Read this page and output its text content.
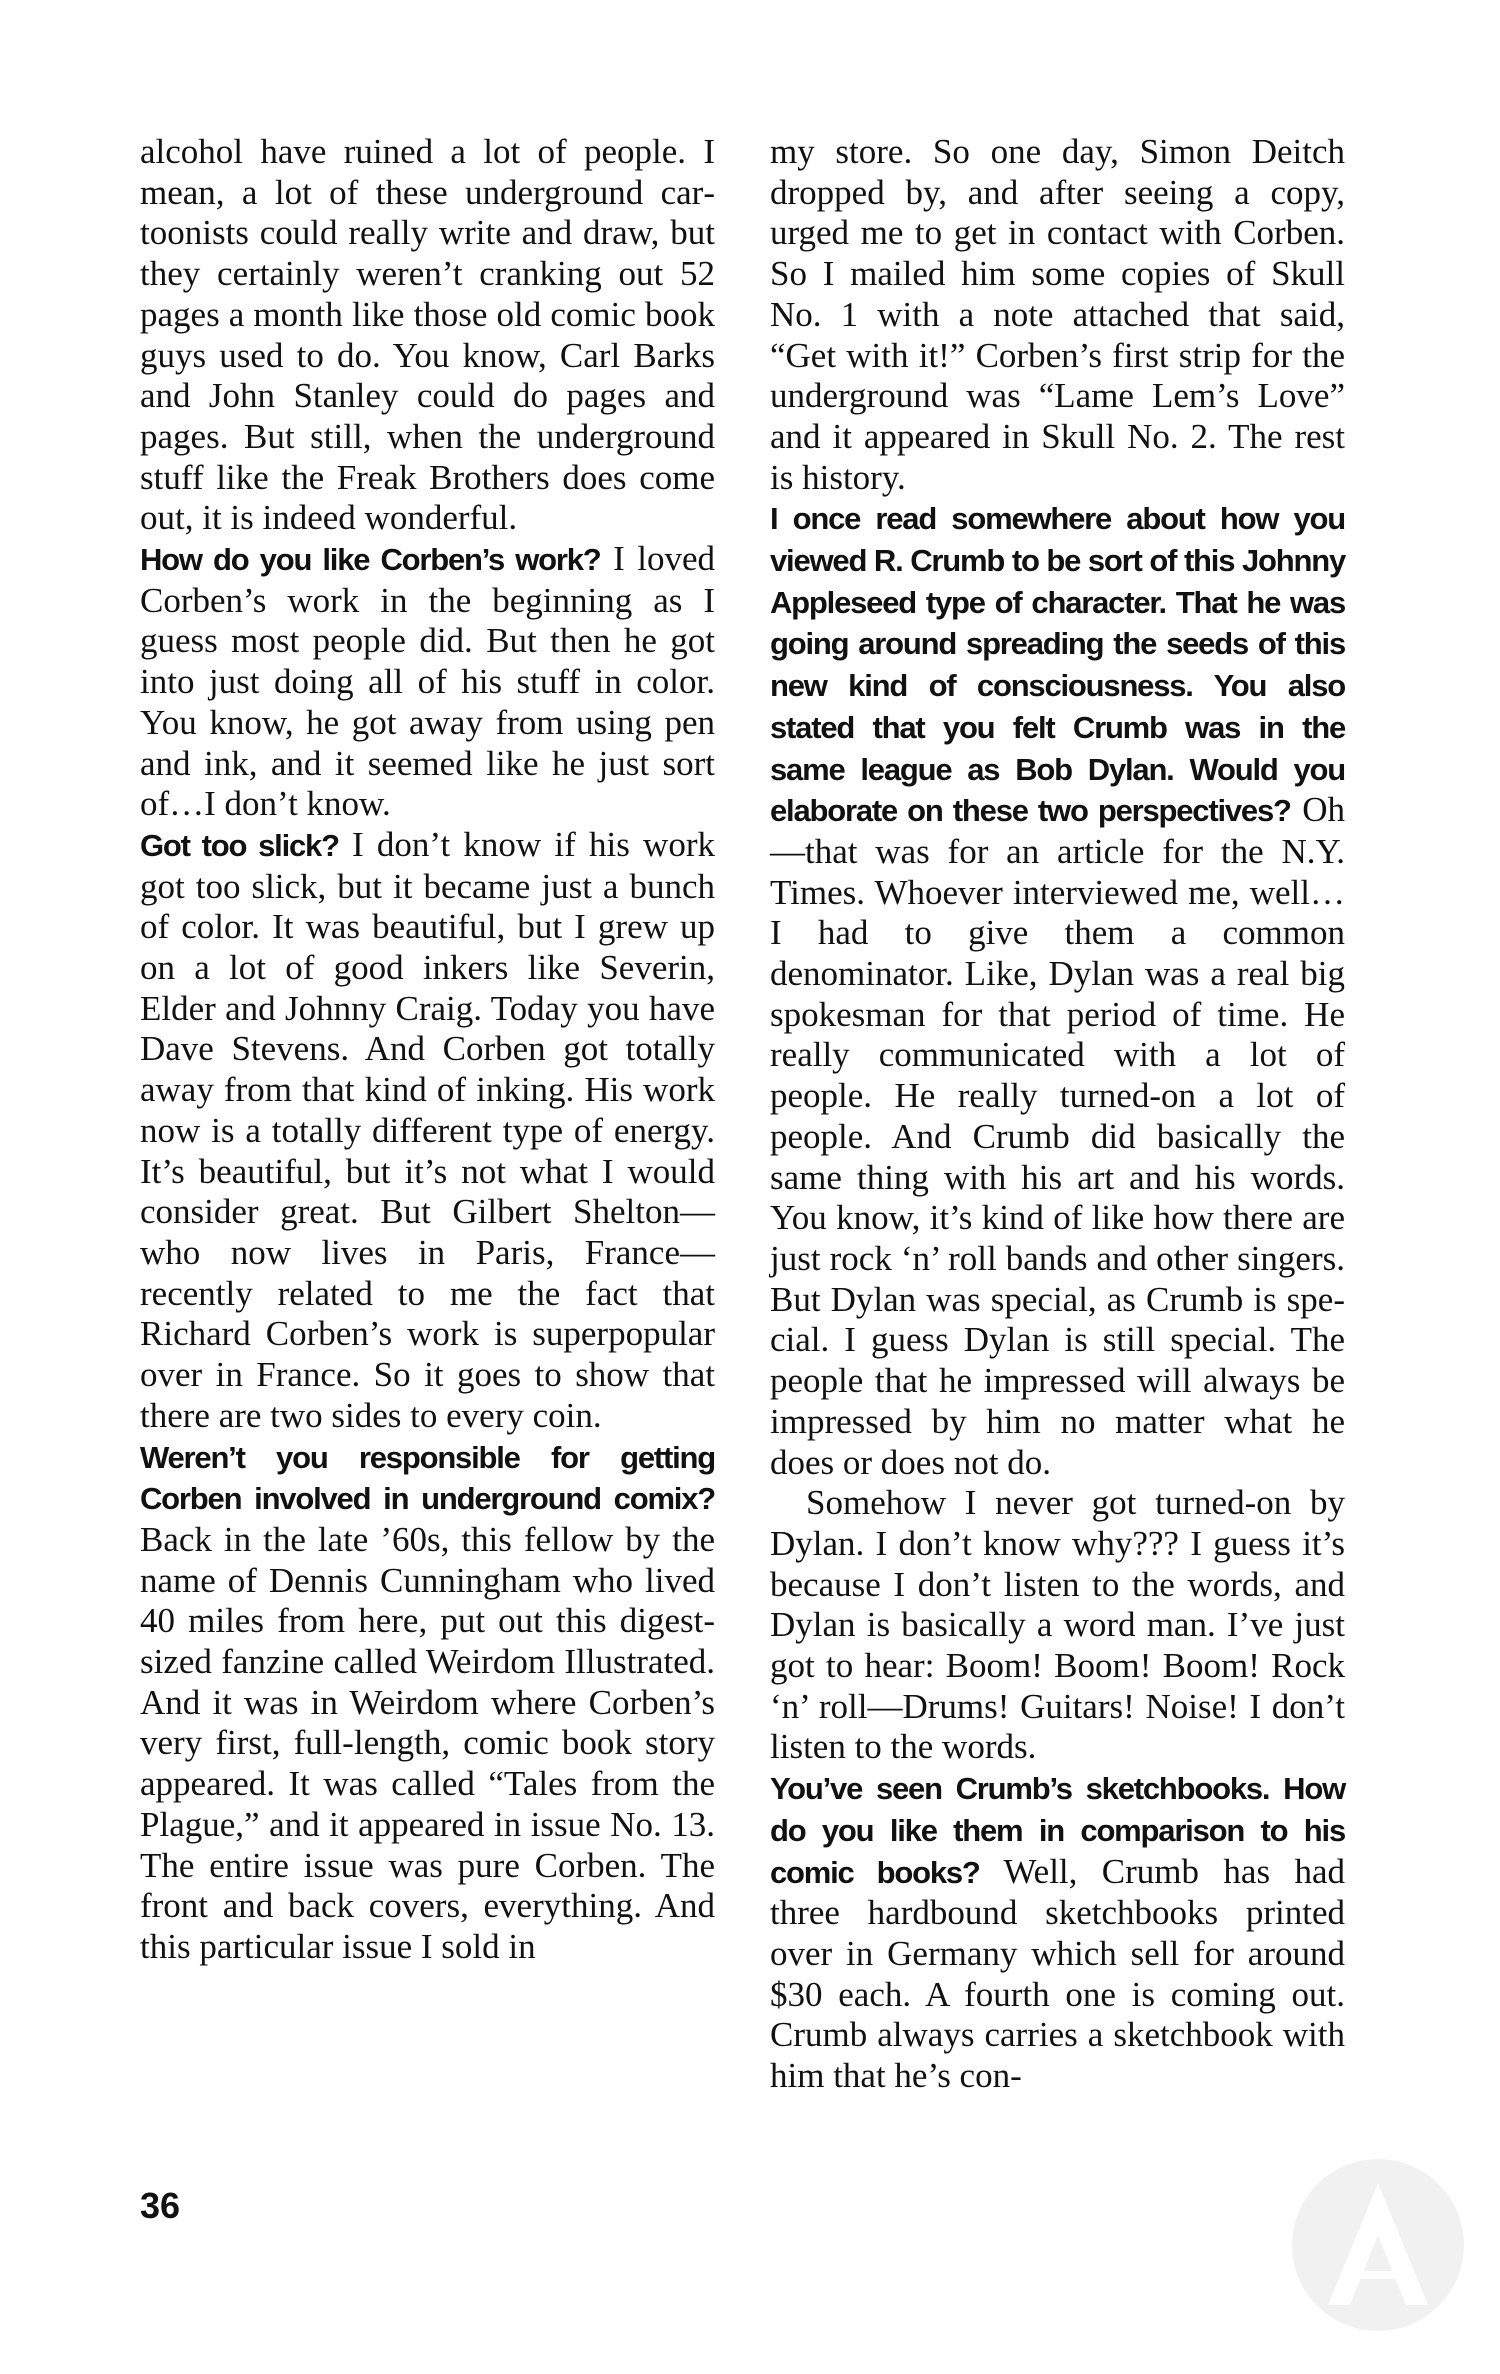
alcohol have ruined a lot of people. I mean, a lot of these underground cartoonists could really write and draw, but they certainly weren’t cranking out 52 pages a month like those old comic book guys used to do. You know, Carl Barks and John Stanley could do pages and pages. But still, when the underground stuff like the Freak Brothers does come out, it is indeed wonderful.

How do you like Corben’s work? I loved Corben’s work in the beginning as I guess most people did. But then he got into just doing all of his stuff in color. You know, he got away from using pen and ink, and it seemed like he just sort of…I don’t know.

Got too slick? I don’t know if his work got too slick, but it became just a bunch of color. It was beautiful, but I grew up on a lot of good inkers like Severin, Elder and Johnny Craig. Today you have Dave Stevens. And Corben got totally away from that kind of inking. His work now is a totally different type of energy. It’s beautiful, but it’s not what I would consider great. But Gilbert Shelton—who now lives in Paris, France—recently related to me the fact that Richard Corben’s work is superpopular over in France. So it goes to show that there are two sides to every coin.

Weren’t you responsible for getting Corben involved in underground comix? Back in the late ’60s, this fellow by the name of Dennis Cunningham who lived 40 miles from here, put out this digest-sized fanzine called Weirdom Illustrated. And it was in Weirdom where Corben’s very first, full-length, comic book story appeared. It was called “Tales from the Plague,” and it appeared in issue No. 13. The entire issue was pure Corben. The front and back covers, everything. And this particular issue I sold in

my store. So one day, Simon Deitch dropped by, and after seeing a copy, urged me to get in contact with Corben. So I mailed him some copies of Skull No. 1 with a note attached that said, “Get with it!” Corben’s first strip for the underground was “Lame Lem’s Love” and it appeared in Skull No. 2. The rest is history.

I once read somewhere about how you viewed R. Crumb to be sort of this Johnny Appleseed type of character. That he was going around spreading the seeds of this new kind of consciousness. You also stated that you felt Crumb was in the same league as Bob Dylan. Would you elaborate on these two perspectives? Oh—that was for an article for the N.Y. Times. Whoever interviewed me, well…I had to give them a common denominator. Like, Dylan was a real big spokesman for that period of time. He really communicated with a lot of people. He really turned-on a lot of people. And Crumb did basically the same thing with his art and his words. You know, it’s kind of like how there are just rock ‘n’ roll bands and other singers. But Dylan was special, as Crumb is special. I guess Dylan is still special. The people that he impressed will always be impressed by him no matter what he does or does not do.

Somehow I never got turned-on by Dylan. I don’t know why??? I guess it’s because I don’t listen to the words, and Dylan is basically a word man. I’ve just got to hear: Boom! Boom! Boom! Rock ‘n’ roll—Drums! Guitars! Noise! I don’t listen to the words.

You’ve seen Crumb’s sketchbooks. How do you like them in comparison to his comic books? Well, Crumb has had three hardbound sketchbooks printed over in Germany which sell for around $30 each. A fourth one is coming out. Crumb always carries a sketchbook with him that he’s con-

36
